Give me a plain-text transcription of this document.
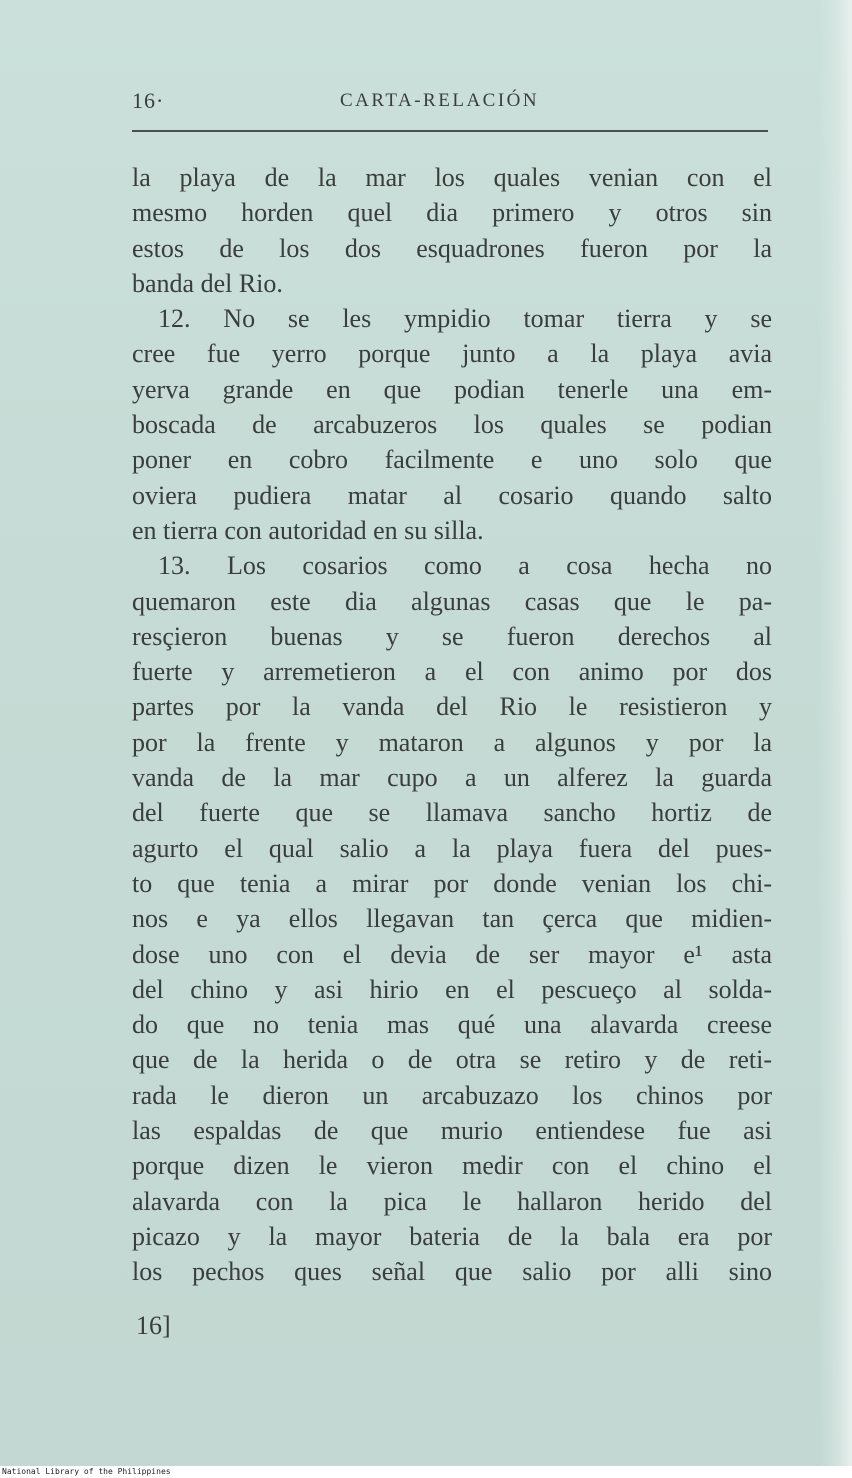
16·	CARTA-RELACIÓN
la playa de la mar los quales venian con el
mesmo horden quel dia primero y otros sin
estos de los dos esquadrones fueron por la
banda del Rio.
12. No se les ympidio tomar tierra y se
cree fue yerro porque junto a la playa avia
yerva grande en que podian tenerle una em-
boscada de arcabuzeros los quales se podian
poner en cobro facilmente e uno solo que
oviera pudiera matar al cosario quando salto
en tierra con autoridad en su silla.
13. Los cosarios como a cosa hecha no
quemaron este dia algunas casas que le pa-
resçieron buenas y se fueron derechos al
fuerte y arremetieron a el con animo por dos
partes por la vanda del Rio le resistieron y
por la frente y mataron a algunos y por la
vanda de la mar cupo a un alferez la guarda
del fuerte que se llamava sancho hortiz de
agurto el qual salio a la playa fuera del pues-
to que tenia a mirar por donde venian los chi-
nos e ya ellos llegavan tan çerca que midien-
dose uno con el devia de ser mayor e¹ asta
del chino y asi hirio en el pescueço al solda-
do que no tenia mas qué una alavarda creese
que de la herida o de otra se retiro y de reti-
rada le dieron un arcabuzazo los chinos por
las espaldas de que murio entiendese fue asi
porque dizen le vieron medir con el chino el
alavarda con la pica le hallaron herido del
picazo y la mayor bateria de la bala era por
los pechos ques señal que salio por alli sino
16]
National Library of the Philippines
